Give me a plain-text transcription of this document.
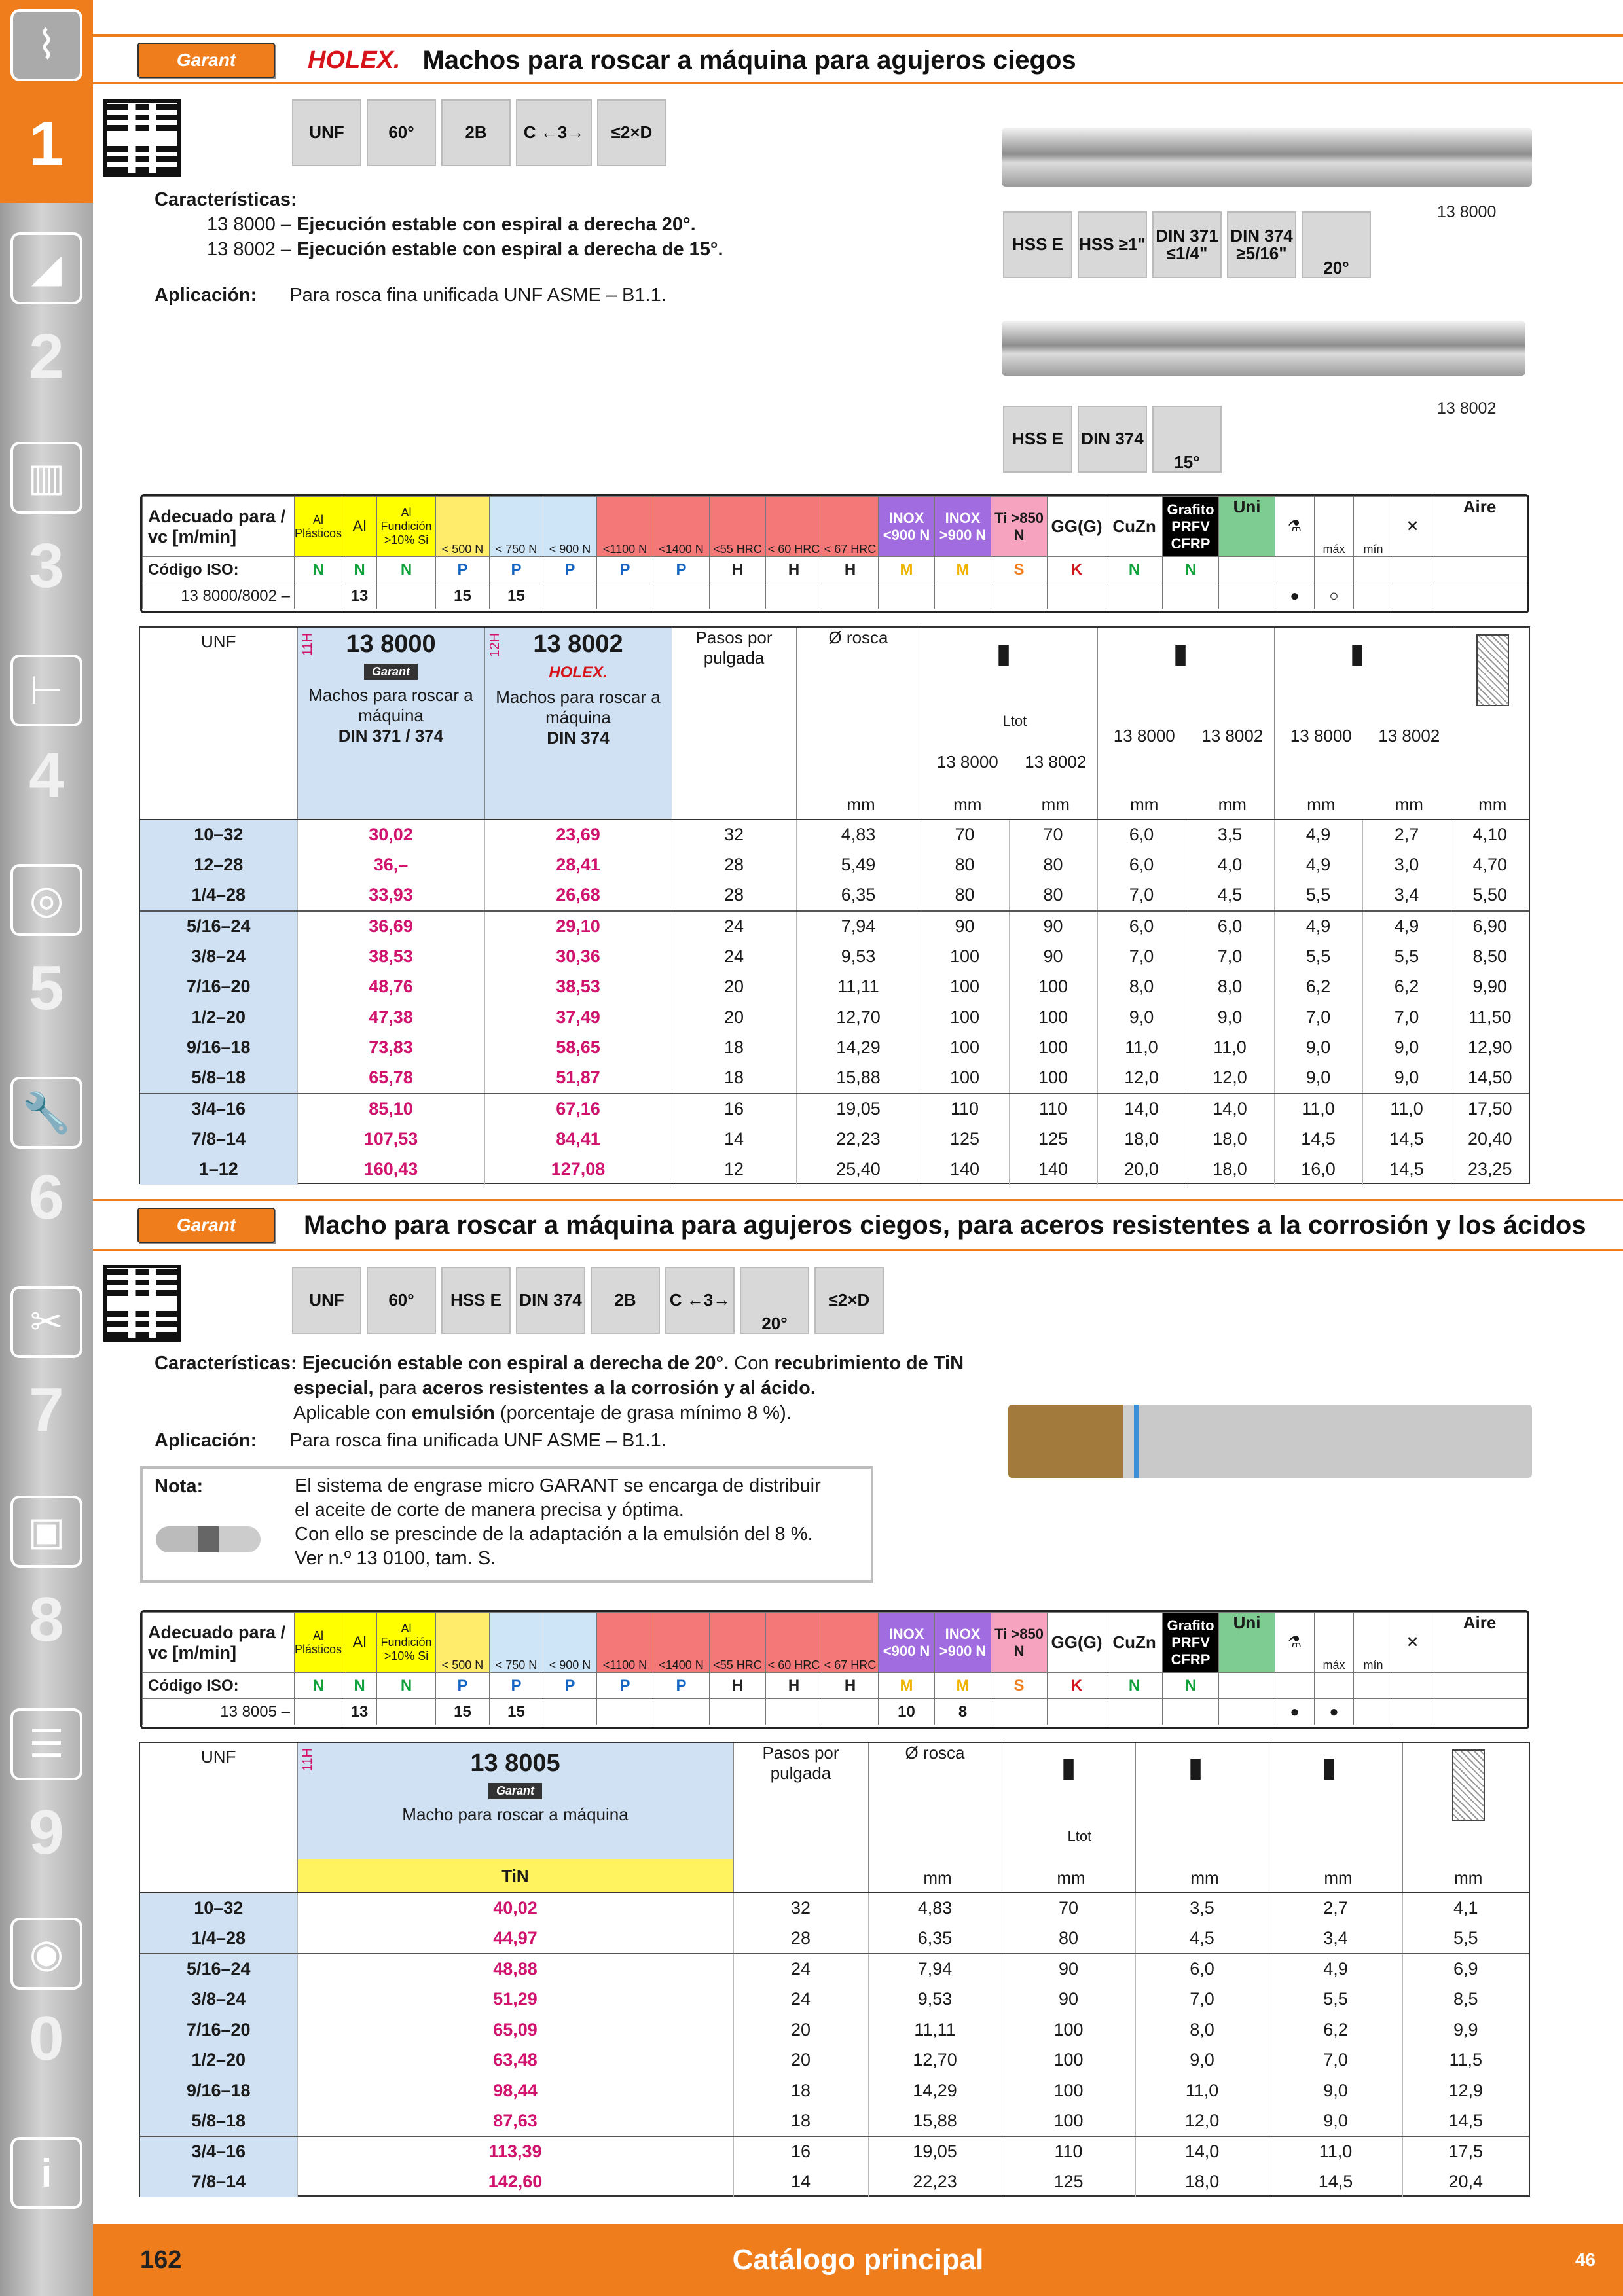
⌇
1
◢
2
▥
3
⊢
4
◎
5
🔧
6
✂
7
▣
8
☰
9
◉
0
i
Garant	HOLEX. Machos para roscar a máquina para agujeros ciegos
UNF	60°	2B C ←3→ ≤2×D
Características:
13 8000 – Ejecución estable con espiral a derecha 20°.
13 8002 – Ejecución estable con espiral a derecha de 15°.
Aplicación: Para rosca fina unificada UNF ASME – B1.1.
13 8000
13 8002
HSS E HSS ≥1" DIN 371 ≤1/4"
DIN 374 ≥5/16"
20°
HSS E	DIN 374
15°
Adecuado para / vc [m/min]	Al Plásticos	Al	Al Fundición >10% Si	< 500 N	< 750 N	< 900 N	<1100 N	<1400 N	<55 HRC	< 60 HRC	< 67 HRC	INOX <900 N	INOX >900 N	Ti >850 N	GG(G)	CuZn	Grafito PRFV CFRP	Uni	⚗	máx	mín	✕	Aire
Código ISO:	N	N	N	P	P	P	P	P	H	H	H	M	M	S	K	N	N						
13 8000/8002 –		13		15	15														●	○			
UNF	13 8000
Garant
Machos para roscar a máquina
DIN 371 / 374
11H	13 8002
HOLEX.
Machos para roscar a máquina
DIN 374
12H	Pasos por pulgada	
Ø rosca
mm

▮
Ltot
13 8000	13 8002
mm	mm

▮
13 8000	13 8002
mm	mm

▮
13 8000	13 8002
mm	mm	mm
10–32	30,02	23,69	32	4,83	70	70	6,0	3,5	4,9	2,7	4,10
12–28	36,–	28,41	28	5,49	80	80	6,0	4,0	4,9	3,0	4,70
1/4–28	33,93	26,68	28	6,35	80	80	7,0	4,5	5,5	3,4	5,50
5/16–24	36,69	29,10	24	7,94	90	90	6,0	6,0	4,9	4,9	6,90
3/8–24	38,53	30,36	24	9,53	100	90	7,0	7,0	5,5	5,5	8,50
7/16–20	48,76	38,53	20	11,11	100	100	8,0	8,0	6,2	6,2	9,90
1/2–20	47,38	37,49	20	12,70	100	100	9,0	9,0	7,0	7,0	11,50
9/16–18	73,83	58,65	18	14,29	100	100	11,0	11,0	9,0	9,0	12,90
5/8–18	65,78	51,87	18	15,88	100	100	12,0	12,0	9,0	9,0	14,50
3/4–16	85,10	67,16	16	19,05	110	110	14,0	14,0	11,0	11,0	17,50
7/8–14	107,53	84,41	14	22,23	125	125	18,0	18,0	14,5	14,5	20,40
1–12	160,43	127,08	12	25,40	140	140	20,0	18,0	16,0	14,5	23,25
Garant	Macho para roscar a máquina para agujeros ciegos, para aceros resistentes a la corrosión y los ácidos
UNF	60°	HSS E	DIN 374	2B	C ←3→
20°
≤2×D
Características: Ejecución estable con espiral a derecha de 20°. Con recubrimiento de TiN
especial, para aceros resistentes a la corrosión y al ácido.
Aplicable con emulsión (porcentaje de grasa mínimo 8 %).
Aplicación: Para rosca fina unificada UNF ASME – B1.1.
Nota:	El sistema de engrase micro GARANT se encarga de distribuir
el aceite de corte de manera precisa y óptima.
Con ello se prescinde de la adaptación a la emulsión del 8 %.
Ver n.º 13 0100, tam. S.
Adecuado para / vc [m/min]	Al Plásticos	Al	Al Fundición >10% Si	< 500 N	< 750 N	< 900 N	<1100 N	<1400 N	<55 HRC	< 60 HRC	< 67 HRC	INOX <900 N	INOX >900 N	Ti >850 N	GG(G)	CuZn	Grafito PRFV CFRP	Uni	⚗	máx	mín	✕	Aire
Código ISO:	N	N	N	P	P	P	P	P	H	H	H	M	M	S	K	N	N						
13 8005 –		13		15	15							10	8						●	●			
UNF	13 8005
Garant
Macho para roscar a máquina
TiN
11H	Pasos por pulgada	
Ø rosca
mm

▮
Ltot
mm

▮
mm

▮
mm	mm
10–32	40,02	32	4,83	70	3,5	2,7	4,1
1/4–28	44,97	28	6,35	80	4,5	3,4	5,5
5/16–24	48,88	24	7,94	90	6,0	4,9	6,9
3/8–24	51,29	24	9,53	90	7,0	5,5	8,5
7/16–20	65,09	20	11,11	100	8,0	6,2	9,9
1/2–20	63,48	20	12,70	100	9,0	7,0	11,5
9/16–18	98,44	18	14,29	100	11,0	9,0	12,9
5/8–18	87,63	18	15,88	100	12,0	9,0	14,5
3/4–16	113,39	16	19,05	110	14,0	11,0	17,5
7/8–14	142,60	14	22,23	125	18,0	14,5	20,4
162	Catálogo principal	46
